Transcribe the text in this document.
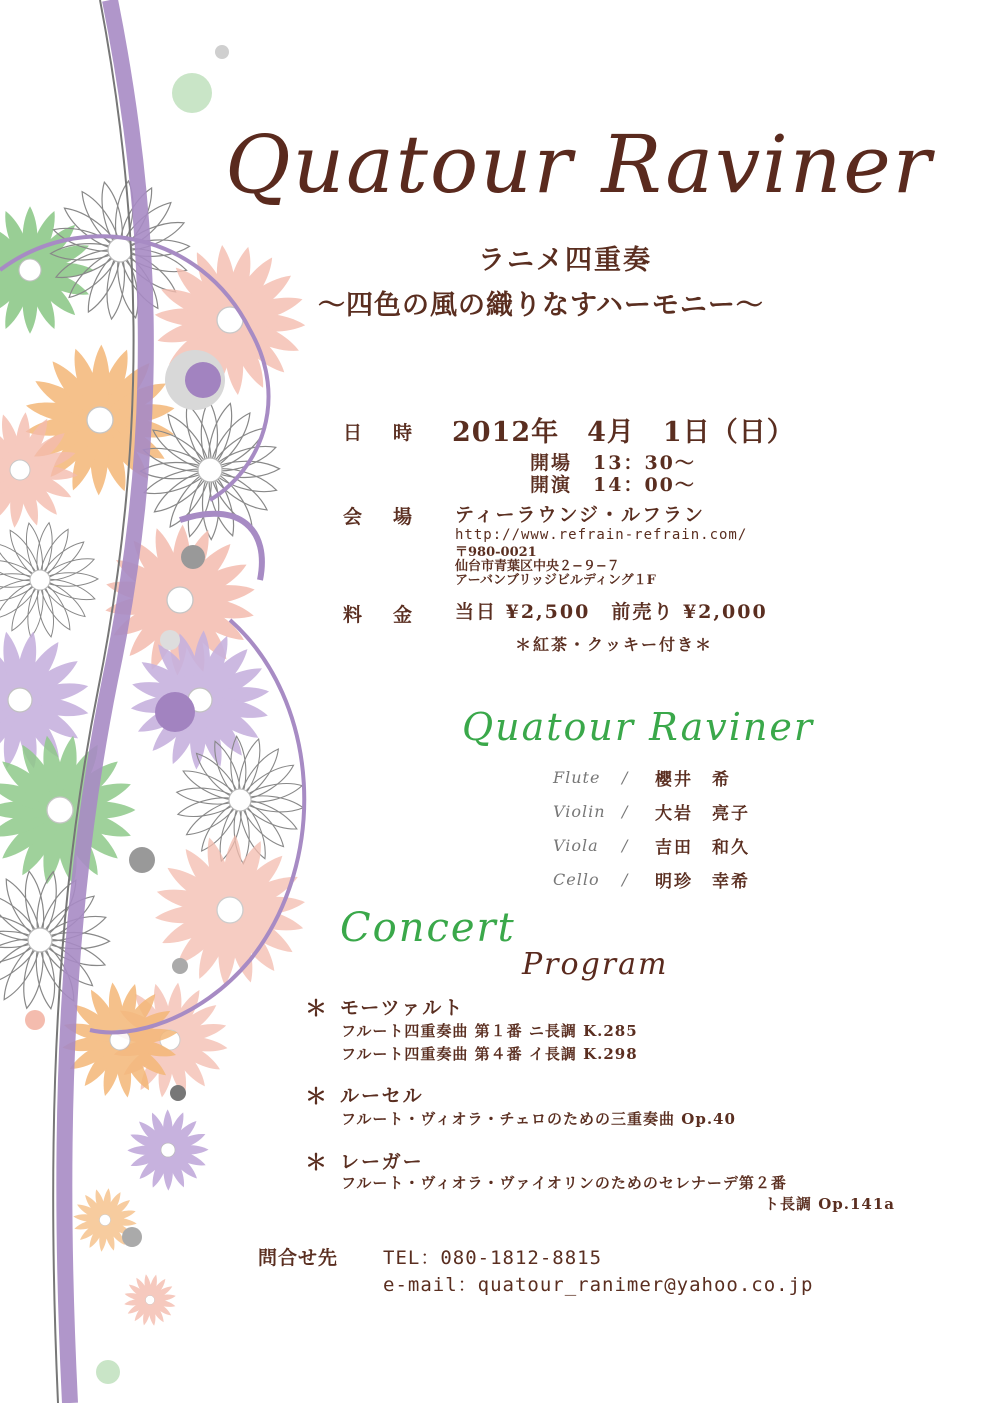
Quatour Raviner
ラニメ四重奏
〜四色の風の織りなすハーモニー〜
日　時 2012年　4月　1日（日）
開場　13：30〜
開演　14：00〜
会　場 ティーラウンジ・ルフラン
http://www.refrain-refrain.com/
〒980-0021
仙台市青葉区中央２−９−７
アーバンブリッジビルディング１F
料　金 当日 ¥2,500　前売り ¥2,000
＊紅茶・クッキー付き＊
Quatour Raviner
Flute / 櫻井　希
Violin / 大岩　亮子
Viola / 吉田　和久
Cello / 明珍　幸希
Concert
Program
＊ モーツァルト
フルート四重奏曲 第１番 ニ長調 K.285
フルート四重奏曲 第４番 イ長調 K.298
＊ ルーセル
フルート・ヴィオラ・チェロのための三重奏曲 Op.40
＊ レーガー
フルート・ヴィオラ・ヴァイオリンのためのセレナーデ第２番
ト長調 Op.141a
問合せ先 TEL：080-1812-8815
e-mail：quatour_ranimer@yahoo.co.jp
